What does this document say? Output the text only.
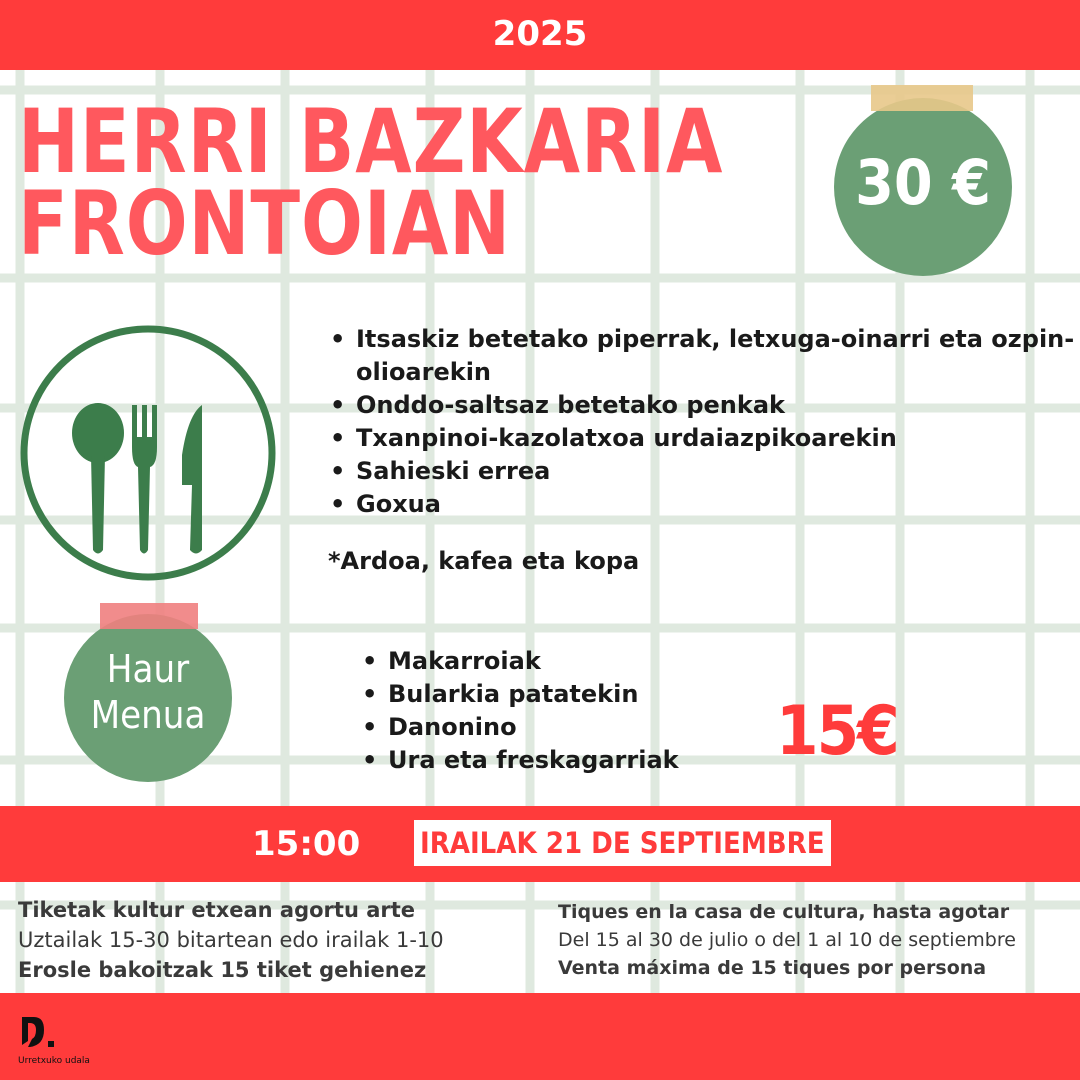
2025
HERRI BAZKARIA
FRONTOIAN	30 €
• Itsaskiz betetako piperrak, letxuga-oinarri eta ozpin-olioarekin
• Onddo-saltsaz betetako penkak
• Txanpinoi-kazolatxoa urdaiazpikoarekin
• Sahieski errea
• Goxua
*Ardoa, kafea eta kopa
Haur
Menua
• Makarroiak
• Bularkia patatekin
• Danonino
• Ura eta freskagarriak 15€
15:00 IRAILAK 21 DE SEPTIEMBRE
Tiketak kultur etxean agortu arte
Uztailak 15-30 bitartean edo irailak 1-10
Erosle bakoitzak 15 tiket gehienez
Tiques en la casa de cultura, hasta agotar
Del 15 al 30 de julio o del 1 al 10 de septiembre
Venta máxima de 15 tiques por persona
Urretxuko udala
